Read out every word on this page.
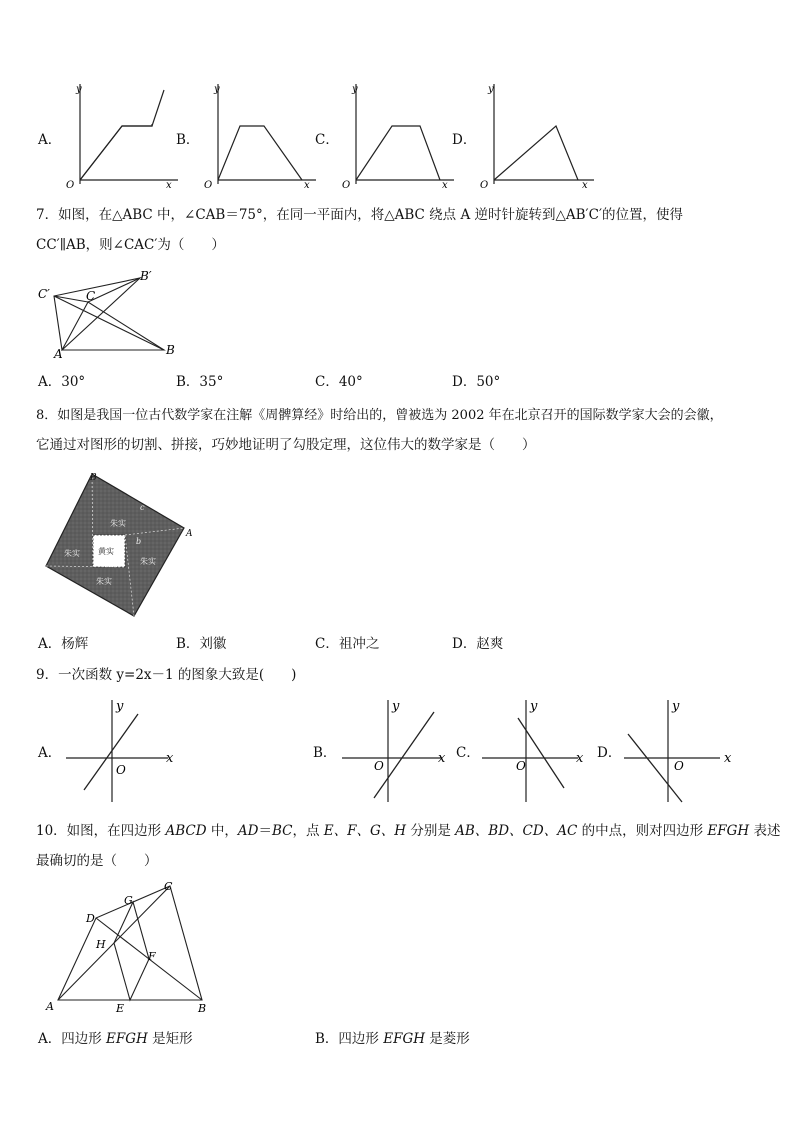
A．	B．	C．	D．
y
O	x
y
O	x
y
O	x
y
O	x
7．如图，在△ABC 中，∠CAB＝75°，在同一平面内，将△ABC 绕点 A 逆时针旋转到△AB′C′的位置，使得
CC′∥AB，则∠CAC′为（　　）
C′	C
B′
A	B
A．30°	B．35°	C．40°	D．50°
8．如图是我国一位古代数学家在注解《周髀算经》时给出的，曾被选为 2002 年在北京召开的国际数学家大会的会徽，
它通过对图形的切割、拼接，巧妙地证明了勾股定理，这位伟大的数学家是（　　）
B
A
c
b
朱实
朱实
朱实
朱实
黄实
A．杨辉	B．刘徽	C．祖冲之	D．赵爽
9．一次函数 y=2x－1 的图象大致是(　　)
A．
y
O
x	B．
y
O	x C．
y
O	x D．
y
O	x
10．如图，在四边形 ABCD 中，AD＝BC，点 E、F、G、H 分别是 AB、BD、CD、AC 的中点，则对四边形 EFGH 表述
最确切的是（　　）
A	B
C
D
E
F
G
H
A．四边形 EFGH 是矩形	B．四边形 EFGH 是菱形
